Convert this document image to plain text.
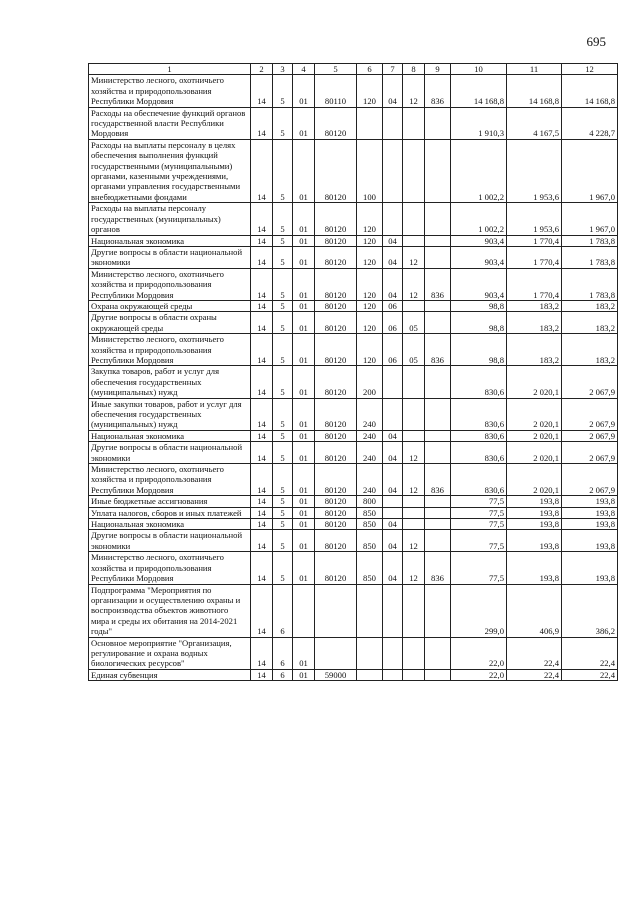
695
1	2	3	4	5	6	7	8	9	10	11	12
Министерство лесного, охотничьего хозяйства и природопользования Республики Мордовия	14	5	01	80110	120	04	12	836	14 168,8	14 168,8	14 168,8
Расходы на обеспечение функций органов государственной власти Республики Мордовия	14	5	01	80120					1 910,3	4 167,5	4 228,7
Расходы на выплаты персоналу в целях обеспечения выполнения функций государственными (муниципальными) органами, казенными учреждениями, органами управления государственными внебюджетными фондами	14	5	01	80120	100				1 002,2	1 953,6	1 967,0
Расходы на выплаты персоналу государственных (муниципальных) органов	14	5	01	80120	120				1 002,2	1 953,6	1 967,0
Национальная экономика	14	5	01	80120	120	04			903,4	1 770,4	1 783,8
Другие вопросы в области национальной экономики	14	5	01	80120	120	04	12		903,4	1 770,4	1 783,8
Министерство лесного, охотничьего хозяйства и природопользования Республики Мордовия	14	5	01	80120	120	04	12	836	903,4	1 770,4	1 783,8
Охрана окружающей среды	14	5	01	80120	120	06			98,8	183,2	183,2
Другие вопросы в области охраны окружающей среды	14	5	01	80120	120	06	05		98,8	183,2	183,2
Министерство лесного, охотничьего хозяйства и природопользования Республики Мордовия	14	5	01	80120	120	06	05	836	98,8	183,2	183,2
Закупка товаров, работ и услуг для обеспечения государственных (муниципальных) нужд	14	5	01	80120	200				830,6	2 020,1	2 067,9
Иные закупки товаров, работ и услуг для обеспечения государственных (муниципальных) нужд	14	5	01	80120	240				830,6	2 020,1	2 067,9
Национальная экономика	14	5	01	80120	240	04			830,6	2 020,1	2 067,9
Другие вопросы в области национальной экономики	14	5	01	80120	240	04	12		830,6	2 020,1	2 067,9
Министерство лесного, охотничьего хозяйства и природопользования Республики Мордовия	14	5	01	80120	240	04	12	836	830,6	2 020,1	2 067,9
Иные бюджетные ассигнования	14	5	01	80120	800				77,5	193,8	193,8
Уплата налогов, сборов и иных платежей	14	5	01	80120	850				77,5	193,8	193,8
Национальная экономика	14	5	01	80120	850	04			77,5	193,8	193,8
Другие вопросы в области национальной экономики	14	5	01	80120	850	04	12		77,5	193,8	193,8
Министерство лесного, охотничьего хозяйства и природопользования Республики Мордовия	14	5	01	80120	850	04	12	836	77,5	193,8	193,8
Подпрограмма "Мероприятия по организации и осуществлению охраны и воспроизводства объектов животного мира и среды их обитания на 2014-2021 годы"	14	6							299,0	406,9	386,2
Основное мероприятие "Организация, регулирование и охрана водных биологических ресурсов"	14	6	01						22,0	22,4	22,4
Единая субвенция	14	6	01	59000					22,0	22,4	22,4
